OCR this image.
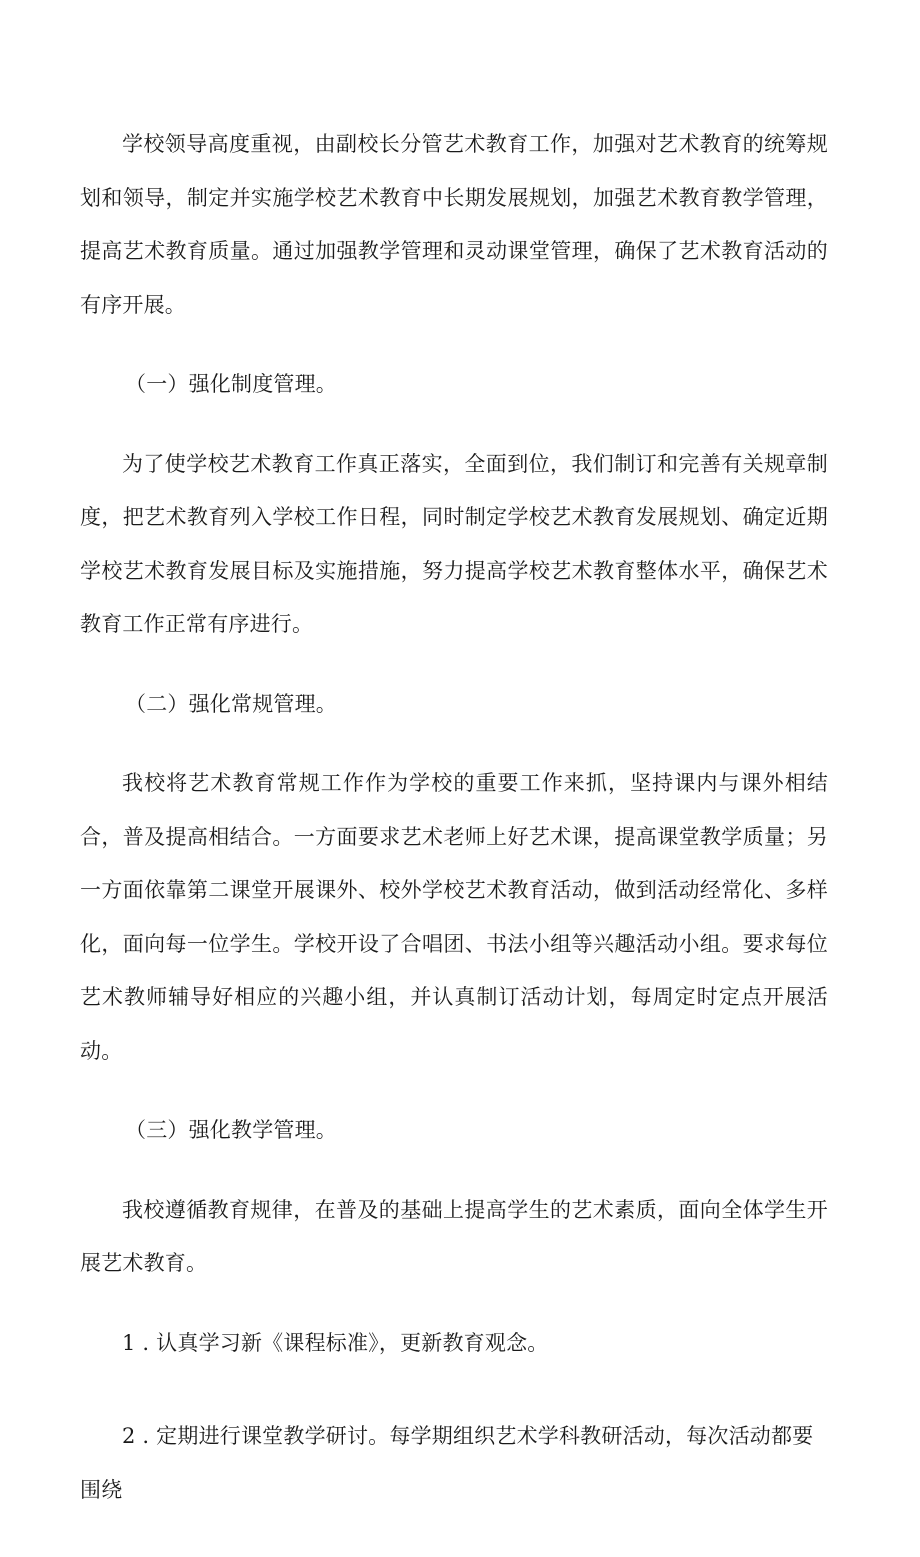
学校领导高度重视，由副校长分管艺术教育工作，加强对艺术教育的统筹规划和领导，制定并实施学校艺术教育中长期发展规划，加强艺术教育教学管理，提高艺术教育质量。通过加强教学管理和灵动课堂管理，确保了艺术教育活动的有序开展。

（一）强化制度管理。

为了使学校艺术教育工作真正落实，全面到位，我们制订和完善有关规章制度，把艺术教育列入学校工作日程，同时制定学校艺术教育发展规划、确定近期学校艺术教育发展目标及实施措施，努力提高学校艺术教育整体水平，确保艺术教育工作正常有序进行。

（二）强化常规管理。

我校将艺术教育常规工作作为学校的重要工作来抓，坚持课内与课外相结合，普及提高相结合。一方面要求艺术老师上好艺术课，提高课堂教学质量；另一方面依靠第二课堂开展课外、校外学校艺术教育活动，做到活动经常化、多样化，面向每一位学生。学校开设了合唱团、书法小组等兴趣活动小组。要求每位艺术教师辅导好相应的兴趣小组，并认真制订活动计划，每周定时定点开展活动。

（三）强化教学管理。

我校遵循教育规律，在普及的基础上提高学生的艺术素质，面向全体学生开展艺术教育。

1 . 认真学习新《课程标准》，更新教育观念。

2 . 定期进行课堂教学研讨。每学期组织艺术学科教研活动，每次活动都要围绕
